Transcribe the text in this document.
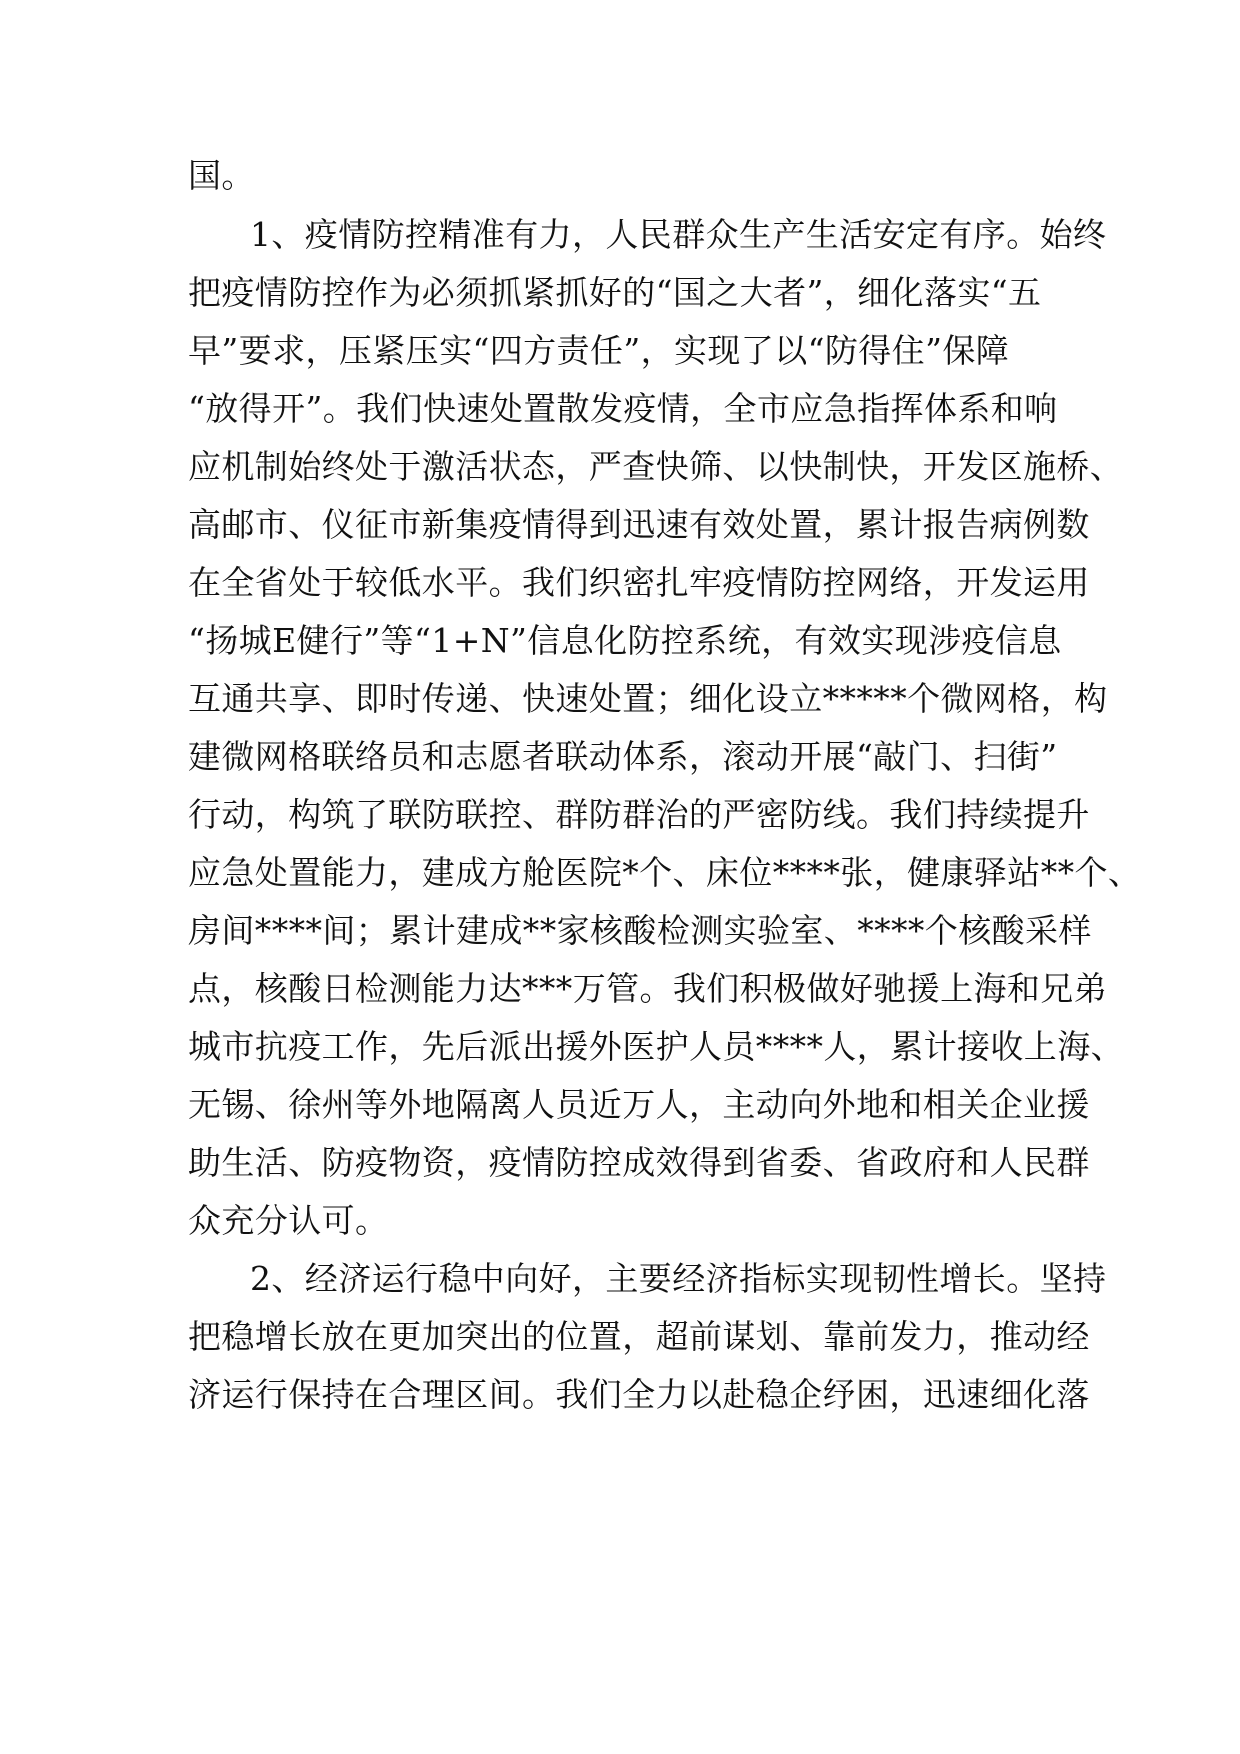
国。
1、疫情防控精准有力，人民群众生产生活安定有序。始终
把疫情防控作为必须抓紧抓好的“国之大者”，细化落实“五
早”要求，压紧压实“四方责任”，实现了以“防得住”保障
“放得开”。我们快速处置散发疫情，全市应急指挥体系和响
应机制始终处于激活状态，严查快筛、以快制快，开发区施桥、
高邮市、仪征市新集疫情得到迅速有效处置，累计报告病例数
在全省处于较低水平。我们织密扎牢疫情防控网络，开发运用
“扬城E健行”等“1+N”信息化防控系统，有效实现涉疫信息
互通共享、即时传递、快速处置；细化设立*****个微网格，构
建微网格联络员和志愿者联动体系，滚动开展“敲门、扫街”
行动，构筑了联防联控、群防群治的严密防线。我们持续提升
应急处置能力，建成方舱医院*个、床位****张，健康驿站**个、
房间****间；累计建成**家核酸检测实验室、****个核酸采样
点，核酸日检测能力达***万管。我们积极做好驰援上海和兄弟
城市抗疫工作，先后派出援外医护人员****人，累计接收上海、
无锡、徐州等外地隔离人员近万人，主动向外地和相关企业援
助生活、防疫物资，疫情防控成效得到省委、省政府和人民群
众充分认可。
2、经济运行稳中向好，主要经济指标实现韧性增长。坚持
把稳增长放在更加突出的位置，超前谋划、靠前发力，推动经
济运行保持在合理区间。我们全力以赴稳企纾困，迅速细化落
